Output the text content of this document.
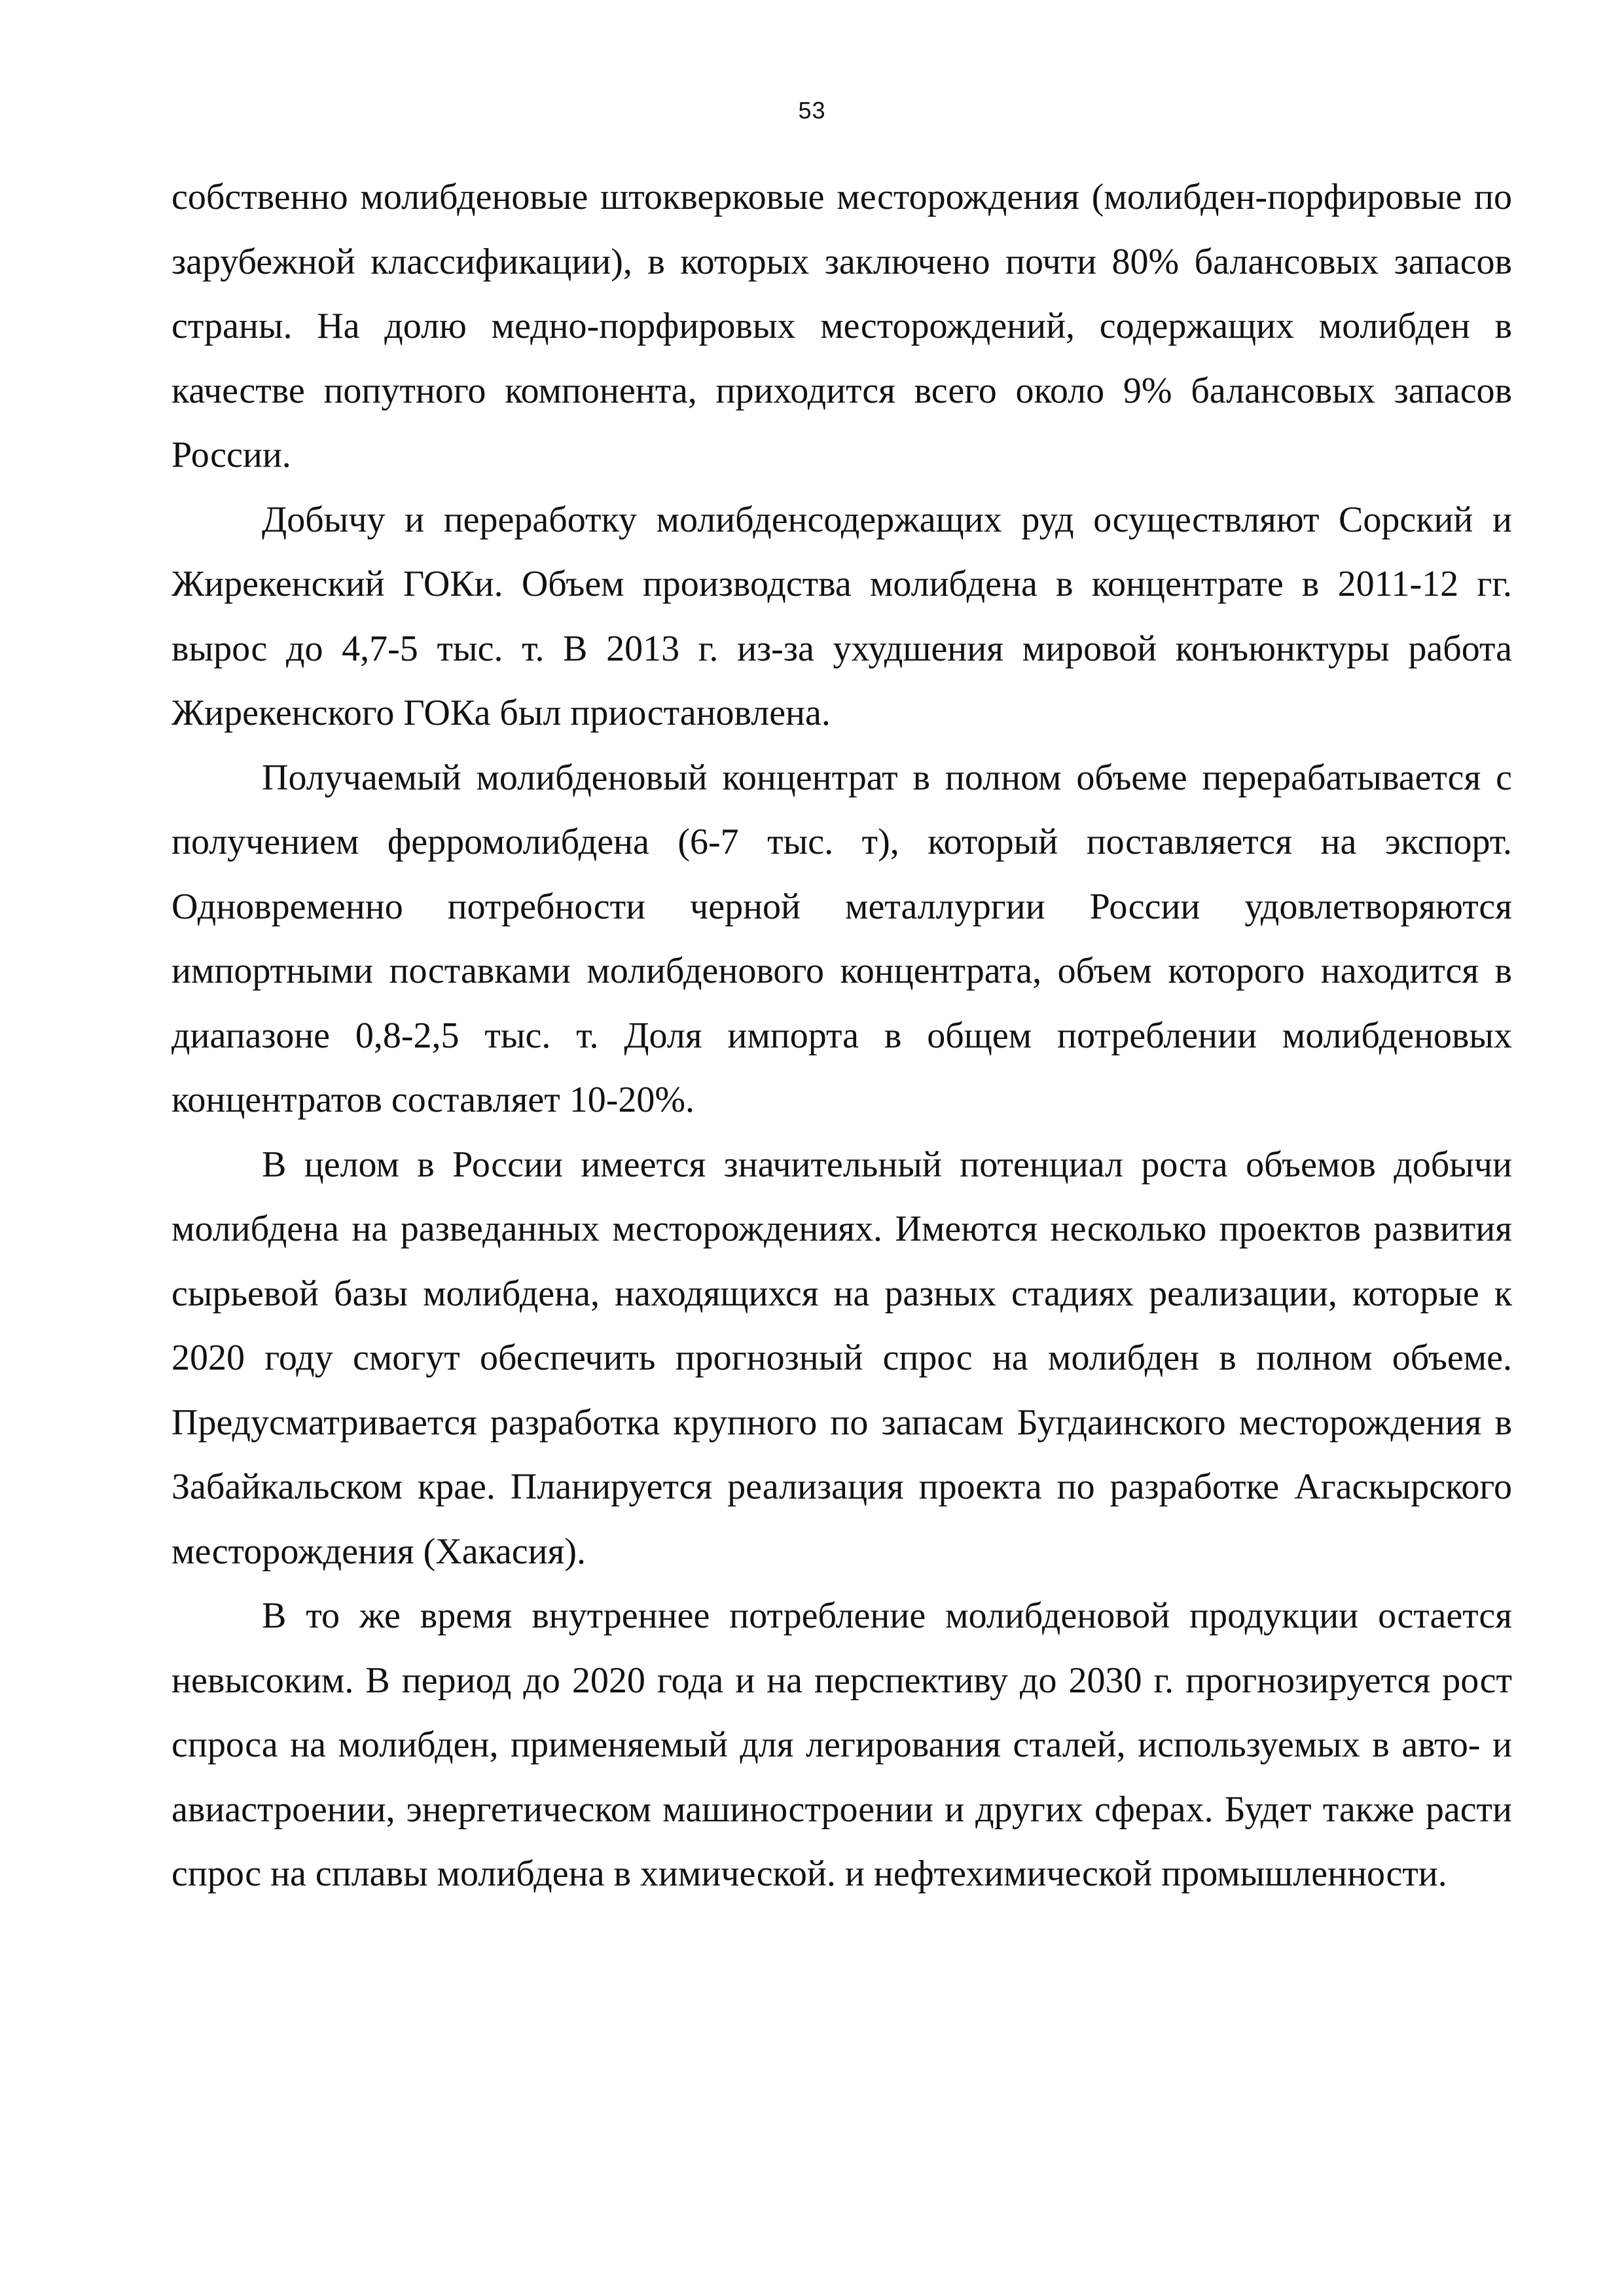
53

собственно молибденовые штокверковые месторождения (молибден-порфировые по зарубежной классификации), в которых заключено почти 80% балансовых запасов страны. На долю медно-порфировых месторождений, содержащих молибден в качестве попутного компонента, приходится всего около 9% балансовых запасов России.

Добычу и переработку молибденсодержащих руд осуществляют Сорский и Жирекенский ГОКи. Объем производства молибдена в концентрате в 2011-12 гг. вырос до 4,7-5 тыс. т. В 2013 г. из-за ухудшения мировой конъюнктуры работа Жирекенского ГОКа был приостановлена.

Получаемый молибденовый концентрат в полном объеме перерабатывается с получением ферромолибдена (6-7 тыс. т), который поставляется на экспорт. Одновременно потребности черной металлургии России удовлетворяются импортными поставками молибденового концентрата, объем которого находится в диапазоне 0,8-2,5 тыс. т. Доля импорта в общем потреблении молибденовых концентратов составляет 10-20%.

В целом в России имеется значительный потенциал роста объемов добычи молибдена на разведанных месторождениях. Имеются несколько проектов развития сырьевой базы молибдена, находящихся на разных стадиях реализации, которые к 2020 году смогут обеспечить прогнозный спрос на молибден в полном объеме. Предусматривается разработка крупного по запасам Бугдаинского месторождения в Забайкальском крае. Планируется реализация проекта по разработке Агаскырского месторождения (Хакасия).

В то же время внутреннее потребление молибденовой продукции остается невысоким. В период до 2020 года и на перспективу до 2030 г. прогнозируется рост спроса на молибден, применяемый для легирования сталей, используемых в авто- и авиастроении, энергетическом машиностроении и других сферах. Будет также расти спрос на сплавы молибдена в химической. и нефтехимической промышленности.
